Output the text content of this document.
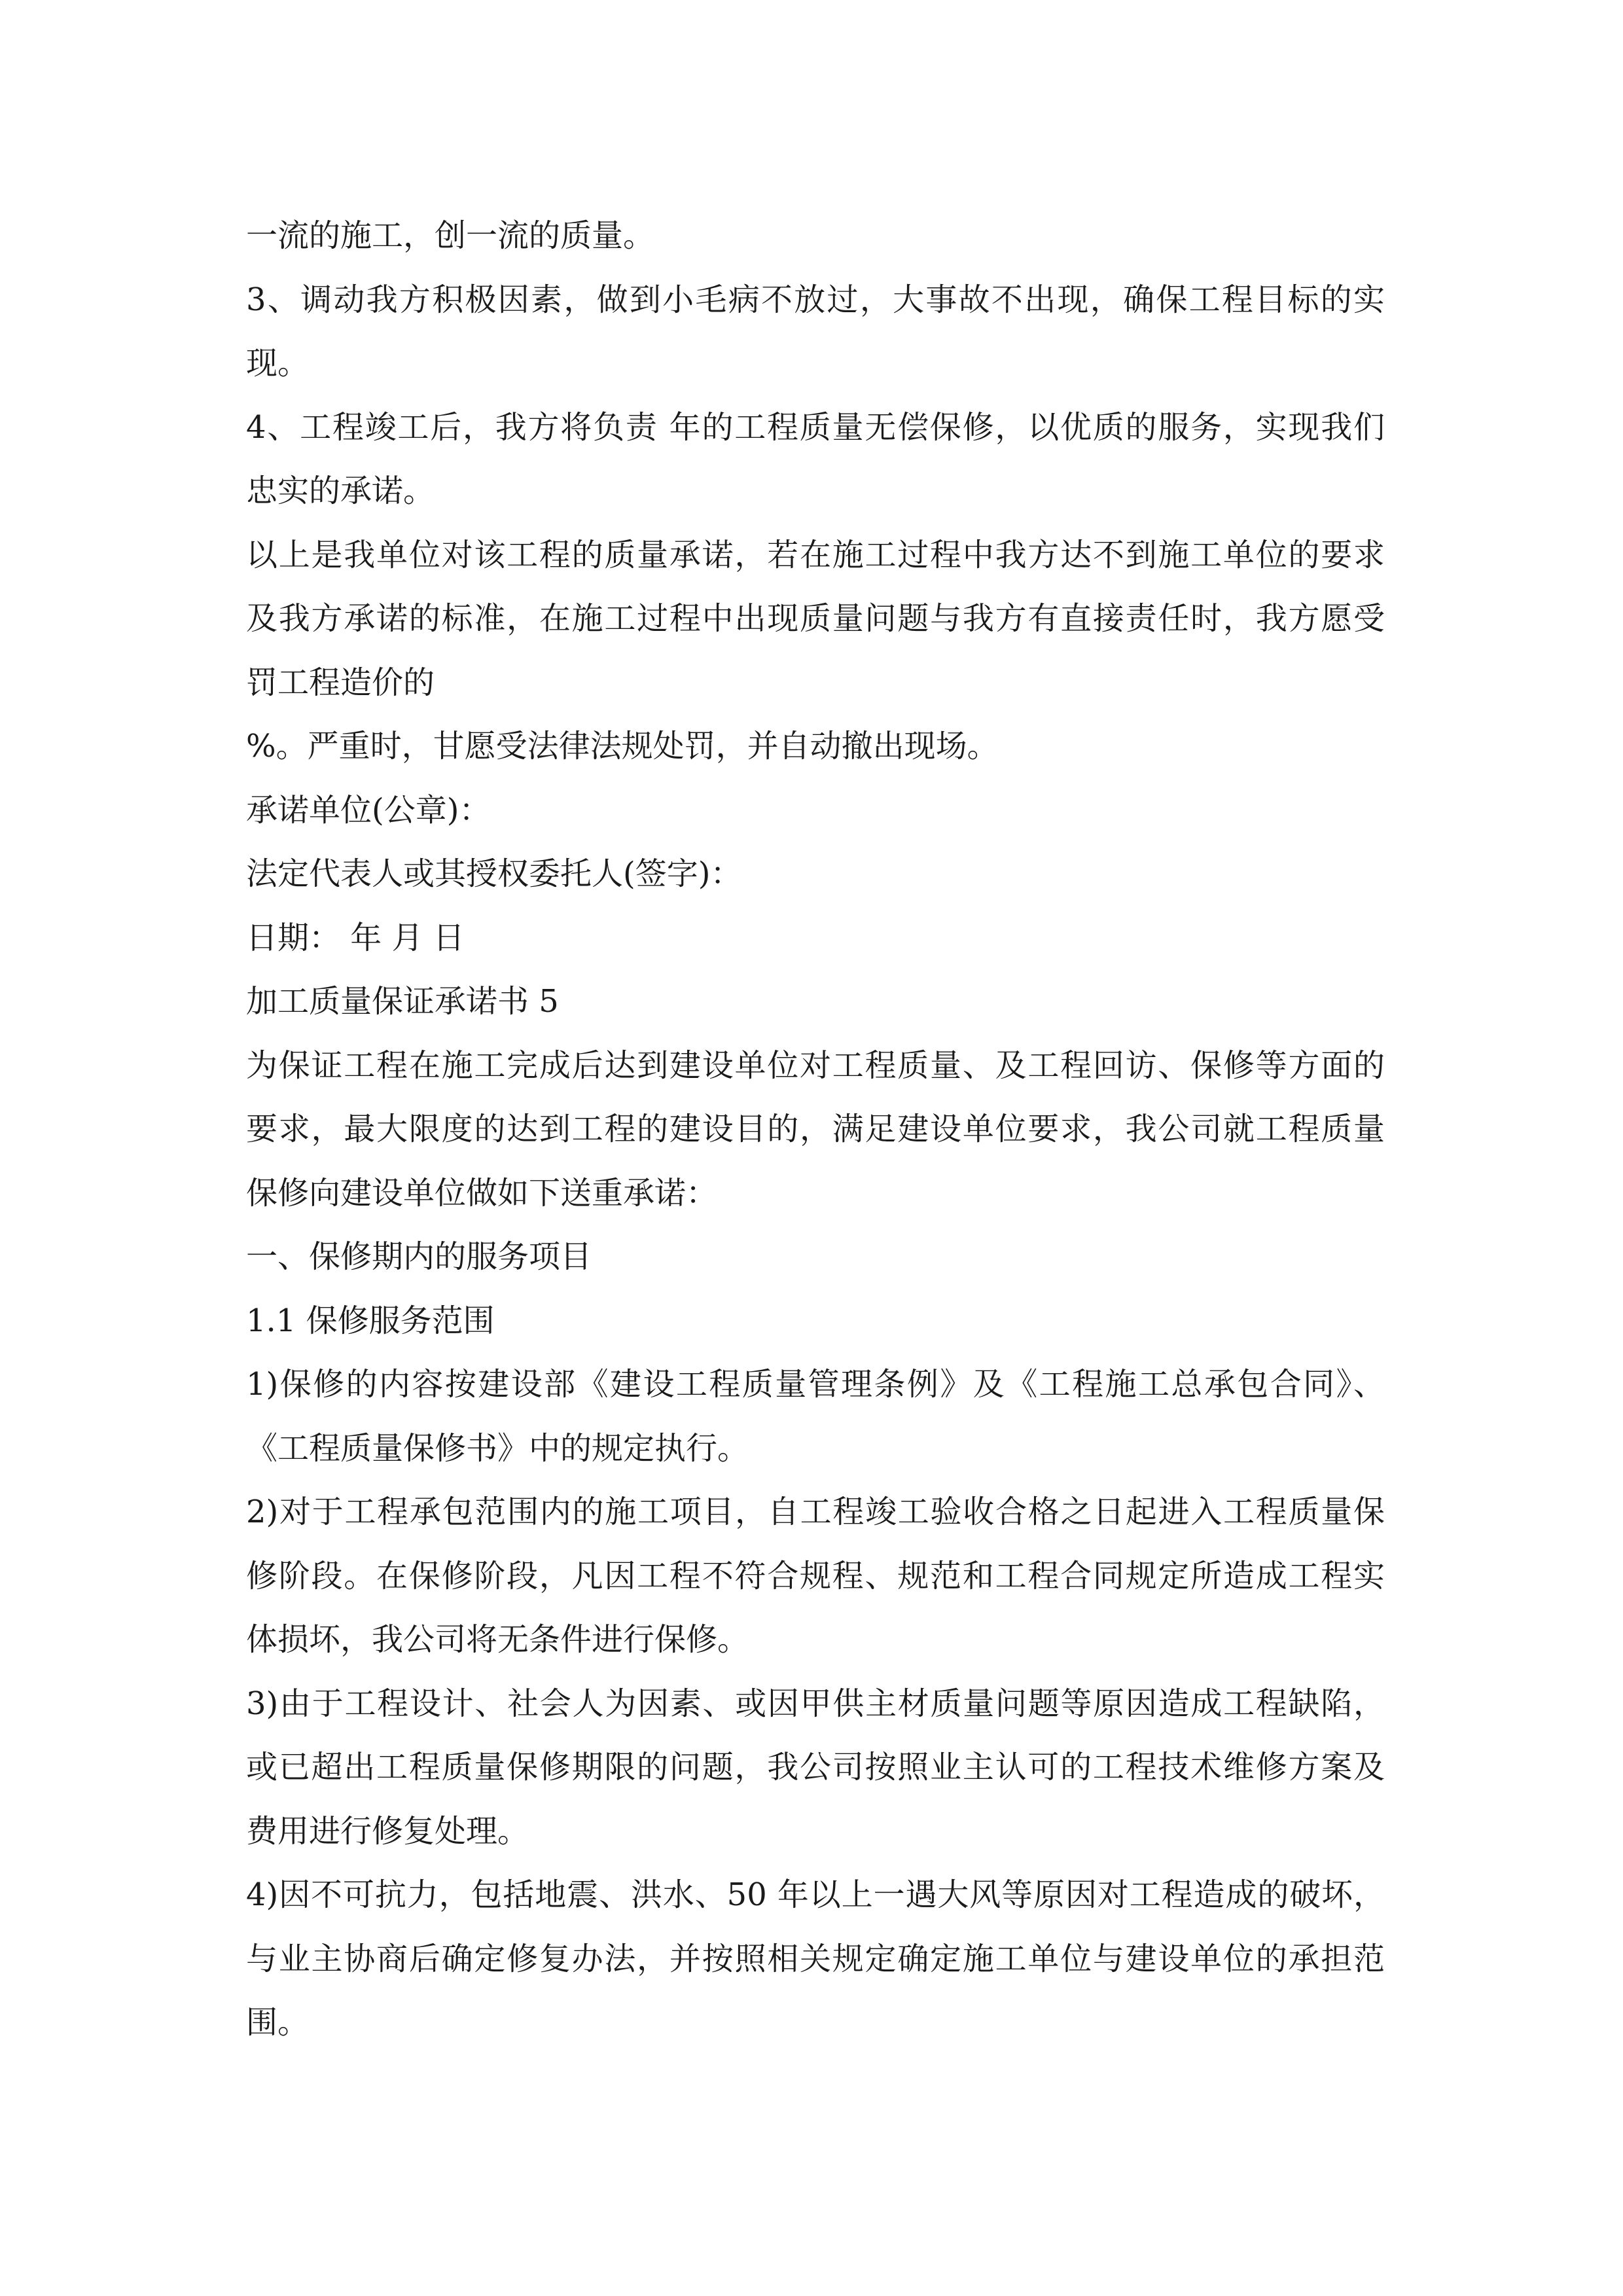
一流的施工，创一流的质量。
3、调动我方积极因素，做到小毛病不放过，大事故不出现，确保工程目标的实
现。
4、工程竣工后，我方将负责 年的工程质量无偿保修，以优质的服务，实现我们
忠实的承诺。
以上是我单位对该工程的质量承诺，若在施工过程中我方达不到施工单位的要求
及我方承诺的标准，在施工过程中出现质量问题与我方有直接责任时，我方愿受
罚工程造价的
%。严重时，甘愿受法律法规处罚，并自动撤出现场。
承诺单位(公章)：
法定代表人或其授权委托人(签字)：
日期： 年 月 日
加工质量保证承诺书 5
为保证工程在施工完成后达到建设单位对工程质量、及工程回访、保修等方面的
要求，最大限度的达到工程的建设目的，满足建设单位要求，我公司就工程质量
保修向建设单位做如下送重承诺：
一、保修期内的服务项目
1.1 保修服务范围
1)保修的内容按建设部《建设工程质量管理条例》及《工程施工总承包合同》、
《工程质量保修书》中的规定执行。
2)对于工程承包范围内的施工项目，自工程竣工验收合格之日起进入工程质量保
修阶段。在保修阶段，凡因工程不符合规程、规范和工程合同规定所造成工程实
体损坏，我公司将无条件进行保修。
3)由于工程设计、社会人为因素、或因甲供主材质量问题等原因造成工程缺陷，
或已超出工程质量保修期限的问题，我公司按照业主认可的工程技术维修方案及
费用进行修复处理。
4)因不可抗力，包括地震、洪水、50 年以上一遇大风等原因对工程造成的破坏，
与业主协商后确定修复办法，并按照相关规定确定施工单位与建设单位的承担范
围。
